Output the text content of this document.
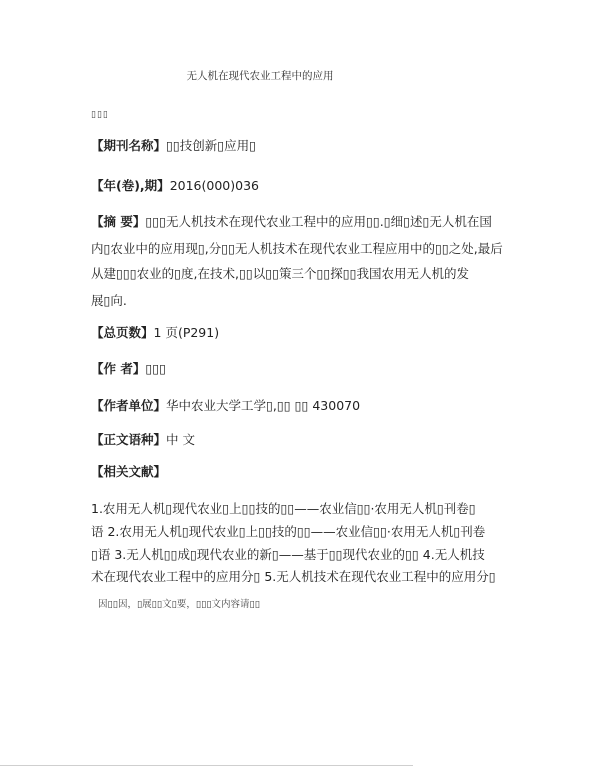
无人机在现代农业工程中的应用
▯▯▯
【期刊名称】▯▯技创新▯应用▯
【年(卷),期】2016(000)036
【摘 要】▯▯▯无人机技术在现代农业工程中的应用▯▯.▯细▯述▯无人机在国
内▯农业中的应用现▯,分▯▯无人机技术在现代农业工程应用中的▯▯之处,最后
从建▯▯▯农业的▯度,在技术,▯▯以▯▯策三个▯▯探▯▯我国农用无人机的发
展▯向.
【总页数】1 页(P291)
【作 者】▯▯▯
【作者单位】华中农业大学工学▯,▯▯ ▯▯ 430070
【正文语种】中 文
【相关文献】
1.农用无人机▯现代农业▯上▯▯技的▯▯——农业信▯▯·农用无人机▯刊卷▯
语 2.农用无人机▯现代农业▯上▯▯技的▯▯——农业信▯▯·农用无人机▯刊卷
▯语 3.无人机▯▯成▯现代农业的新▯——基于▯▯现代农业的▯▯ 4.无人机技
术在现代农业工程中的应用分▯ 5.无人机技术在现代农业工程中的应用分▯
因▯▯因，▯展▯▯文▯要，▯▯▯文内容请▯▯
